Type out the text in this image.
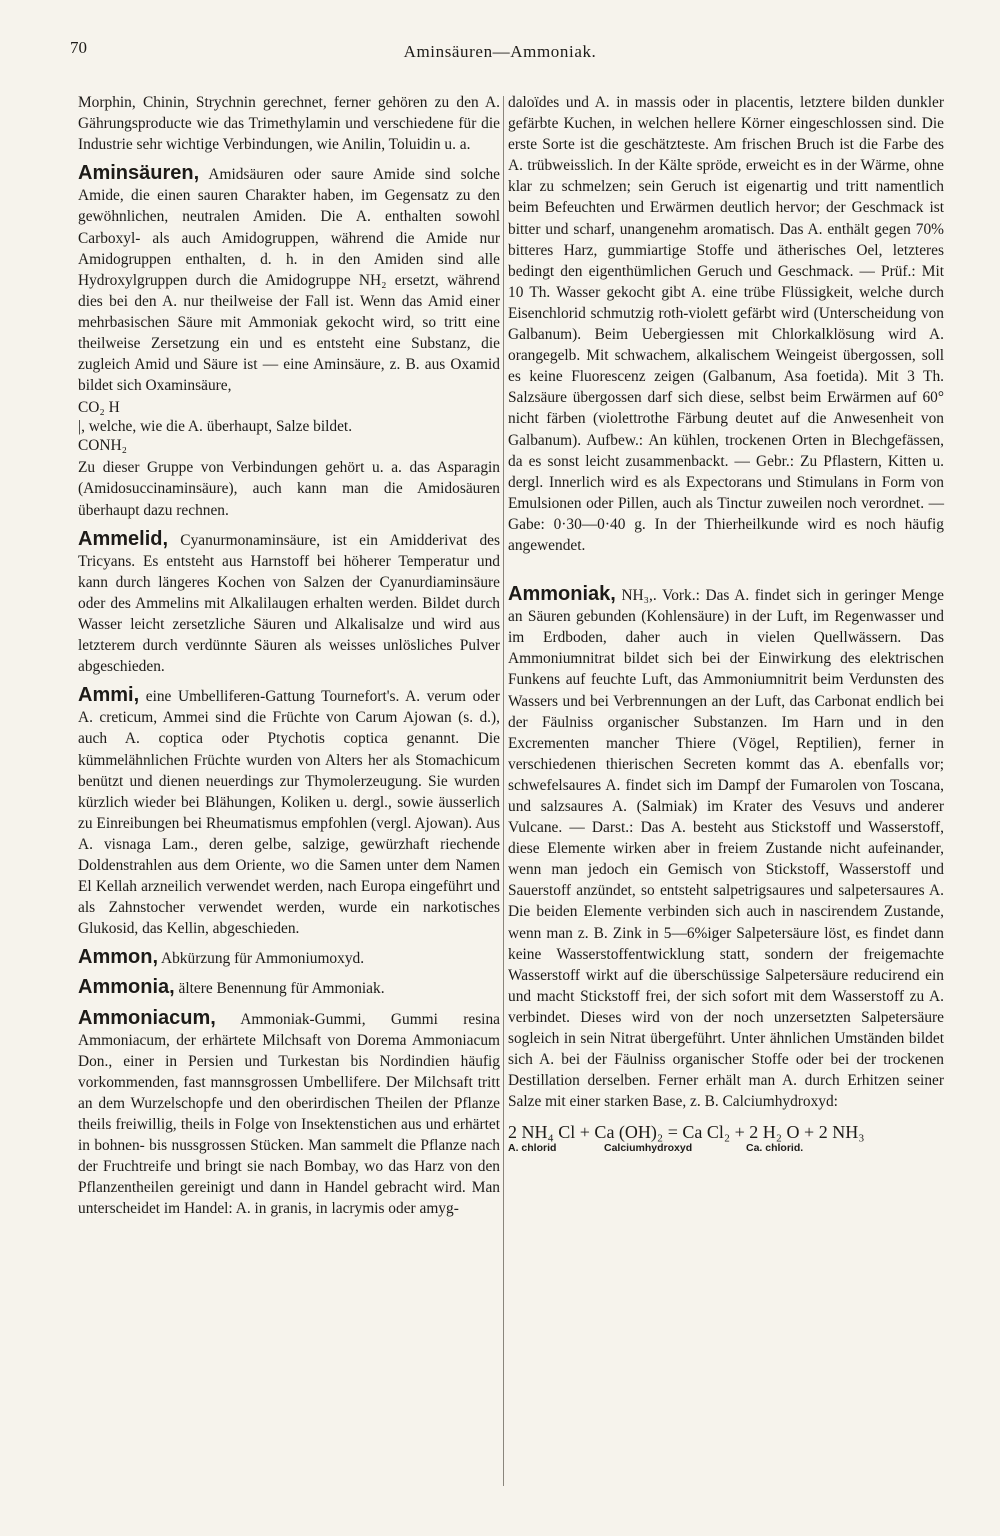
70	Aminsäuren—Ammoniak.

Morphin, Chinin, Strychnin gerechnet, ferner gehören zu den A. Gährungsproducte wie das Trimethylamin und verschiedene für die Industrie sehr wichtige Verbindungen, wie Anilin, Toluidin u. a.

Aminsäuren, Amidsäuren oder saure Amide sind solche Amide, die einen sauren Charakter haben, im Gegensatz zu den gewöhnlichen, neutralen Amiden. Die A. enthalten sowohl Carboxyl- als auch Amidogruppen, während die Amide nur Amidogruppen enthalten, d. h. in den Amiden sind alle Hydroxylgruppen durch die Amidogruppe NH₂ ersetzt, während dies bei den A. nur theilweise der Fall ist. Wenn das Amid einer mehrbasischen Säure mit Ammoniak gekocht wird, so tritt eine theilweise Zersetzung ein und es entsteht eine Substanz, die zugleich Amid und Säure ist — eine Aminsäure, z. B. aus Oxamid bildet sich Oxaminsäure,

CO₂ H
|, welche, wie die A. überhaupt, Salze bildet.
CONH₂

Zu dieser Gruppe von Verbindungen gehört u. a. das Asparagin (Amidosuccinaminsäure), auch kann man die Amidosäuren überhaupt dazu rechnen.

Ammelid, Cyanurmonaminsäure, ist ein Amidderivat des Tricyans. Es entsteht aus Harnstoff bei höherer Temperatur und kann durch längeres Kochen von Salzen der Cyanurdiaminsäure oder des Ammelins mit Alkalilaugen erhalten werden. Bildet durch Wasser leicht zersetzliche Säuren und Alkalisalze und wird aus letzterem durch verdünnte Säuren als weisses unlösliches Pulver abgeschieden.

Ammi, eine Umbelliferen-Gattung Tournefort's. A. verum oder A. creticum, Ammei sind die Früchte von Carum Ajowan (s. d.), auch A. coptica oder Ptychotis coptica genannt. Die kümmelähnlichen Früchte wurden von Alters her als Stomachicum benützt und dienen neuerdings zur Thymolerzeugung. Sie wurden kürzlich wieder bei Blähungen, Koliken u. dergl., sowie äusserlich zu Einreibungen bei Rheumatismus empfohlen (vergl. Ajowan). Aus A. visnaga Lam., deren gelbe, salzige, gewürzhaft riechende Doldenstrahlen aus dem Oriente, wo die Samen unter dem Namen El Kellah arzneilich verwendet werden, nach Europa eingeführt und als Zahnstocher verwendet werden, wurde ein narkotisches Glukosid, das Kellin, abgeschieden.

Ammon, Abkürzung für Ammoniumoxyd.

Ammonia, ältere Benennung für Ammoniak.

Ammoniacum, Ammoniak-Gummi, Gummi resina Ammoniacum, der erhärtete Milchsaft von Dorema Ammoniacum Don., einer in Persien und Turkestan bis Nordindien häufig vorkommenden, fast mannsgrossen Umbellifere. Der Milchsaft tritt an dem Wurzelschopfe und den oberirdischen Theilen der Pflanze theils freiwillig, theils in Folge von Insektenstichen aus und erhärtet in bohnen- bis nussgrossen Stücken. Man sammelt die Pflanze nach der Fruchtreife und bringt sie nach Bombay, wo das Harz von den Pflanzentheilen gereinigt und dann in Handel gebracht wird. Man unterscheidet im Handel: A. in granis, in lacrymis oder amyg-

daloïdes und A. in massis oder in placentis, letztere bilden dunkler gefärbte Kuchen, in welchen hellere Körner eingeschlossen sind. Die erste Sorte ist die geschätzteste. Am frischen Bruch ist die Farbe des A. trübweisslich. In der Kälte spröde, erweicht es in der Wärme, ohne klar zu schmelzen; sein Geruch ist eigenartig und tritt namentlich beim Befeuchten und Erwärmen deutlich hervor; der Geschmack ist bitter und scharf, unangenehm aromatisch. Das A. enthält gegen 70% bitteres Harz, gummiartige Stoffe und ätherisches Oel, letzteres bedingt den eigenthümlichen Geruch und Geschmack. — Prüf.: Mit 10 Th. Wasser gekocht gibt A. eine trübe Flüssigkeit, welche durch Eisenchlorid schmutzig roth-violett gefärbt wird (Unterscheidung von Galbanum). Beim Uebergiessen mit Chlorkalklösung wird A. orangegelb. Mit schwachem, alkalischem Weingeist übergossen, soll es keine Fluorescenz zeigen (Galbanum, Asa foetida). Mit 3 Th. Salzsäure übergossen darf sich diese, selbst beim Erwärmen auf 60° nicht färben (violettrothe Färbung deutet auf die Anwesenheit von Galbanum). Aufbew.: An kühlen, trockenen Orten in Blechgefässen, da es sonst leicht zusammenbackt. — Gebr.: Zu Pflastern, Kitten u. dergl. Innerlich wird es als Expectorans und Stimulans in Form von Emulsionen oder Pillen, auch als Tinctur zuweilen noch verordnet. — Gabe: 0·30—0·40 g. In der Thierheilkunde wird es noch häufig angewendet.

Ammoniak, NH₃,. Vork.: Das A. findet sich in geringer Menge an Säuren gebunden (Kohlensäure) in der Luft, im Regenwasser und im Erdboden, daher auch in vielen Quellwässern. Das Ammoniumnitrat bildet sich bei der Einwirkung des elektrischen Funkens auf feuchte Luft, das Ammoniumnitrit beim Verdunsten des Wassers und bei Verbrennungen an der Luft, das Carbonat endlich bei der Fäulniss organischer Substanzen. Im Harn und in den Excrementen mancher Thiere (Vögel, Reptilien), ferner in verschiedenen thierischen Secreten kommt das A. ebenfalls vor; schwefelsaures A. findet sich im Dampf der Fumarolen von Toscana, und salzsaures A. (Salmiak) im Krater des Vesuvs und anderer Vulcane. — Darst.: Das A. besteht aus Stickstoff und Wasserstoff, diese Elemente wirken aber in freiem Zustande nicht aufeinander, wenn man jedoch ein Gemisch von Stickstoff, Wasserstoff und Sauerstoff anzündet, so entsteht salpetrigsaures und salpetersaures A. Die beiden Elemente verbinden sich auch in nascirendem Zustande, wenn man z. B. Zink in 5—6%iger Salpetersäure löst, es findet dann keine Wasserstoffentwicklung statt, sondern der freigemachte Wasserstoff wirkt auf die überschüssige Salpetersäure reducirend ein und macht Stickstoff frei, der sich sofort mit dem Wasserstoff zu A. verbindet. Dieses wird von der noch unzersetzten Salpetersäure sogleich in sein Nitrat übergeführt. Unter ähnlichen Umständen bildet sich A. bei der Fäulniss organischer Stoffe oder bei der trockenen Destillation derselben. Ferner erhält man A. durch Erhitzen seiner Salze mit einer starken Base, z. B. Calciumhydroxyd:

2 NH₄ Cl + Ca (OH)₂ = Ca Cl₂ + 2 H₂ O + 2 NH₃
A. chlorid	Calciumhydroxyd	Ca. chlorid.
